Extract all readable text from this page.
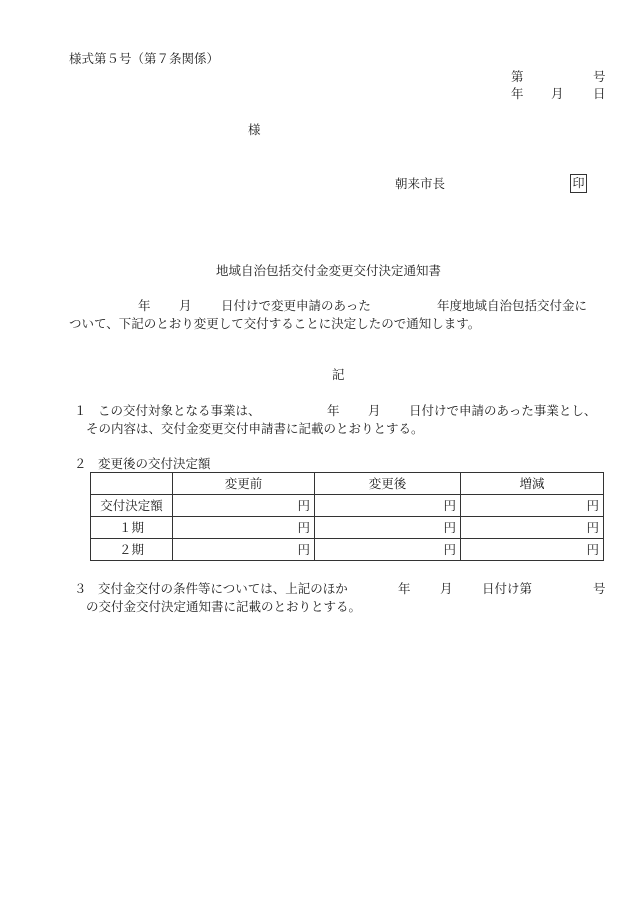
様式第５号（第７条関係）
第	号
年 月 日
様
朝来市長	印
地域自治包括交付金変更交付決定通知書
年 月 日付けで変更申請のあった	年度地域自治包括交付金に
ついて、下記のとおり変更して交付することに決定したので通知します。
記
１ この交付対象となる事業は、	年 月 日付けで申請のあった事業とし、
その内容は、交付金変更交付申請書に記載のとおりとする。
２ 変更後の交付決定額
	変更前	変更後	増減
交付決定額	円	円	円
１期	円	円	円
２期	円	円	円
３ 交付金交付の条件等については、上記のほか	年 月 日付け第	号
の交付金交付決定通知書に記載のとおりとする。
